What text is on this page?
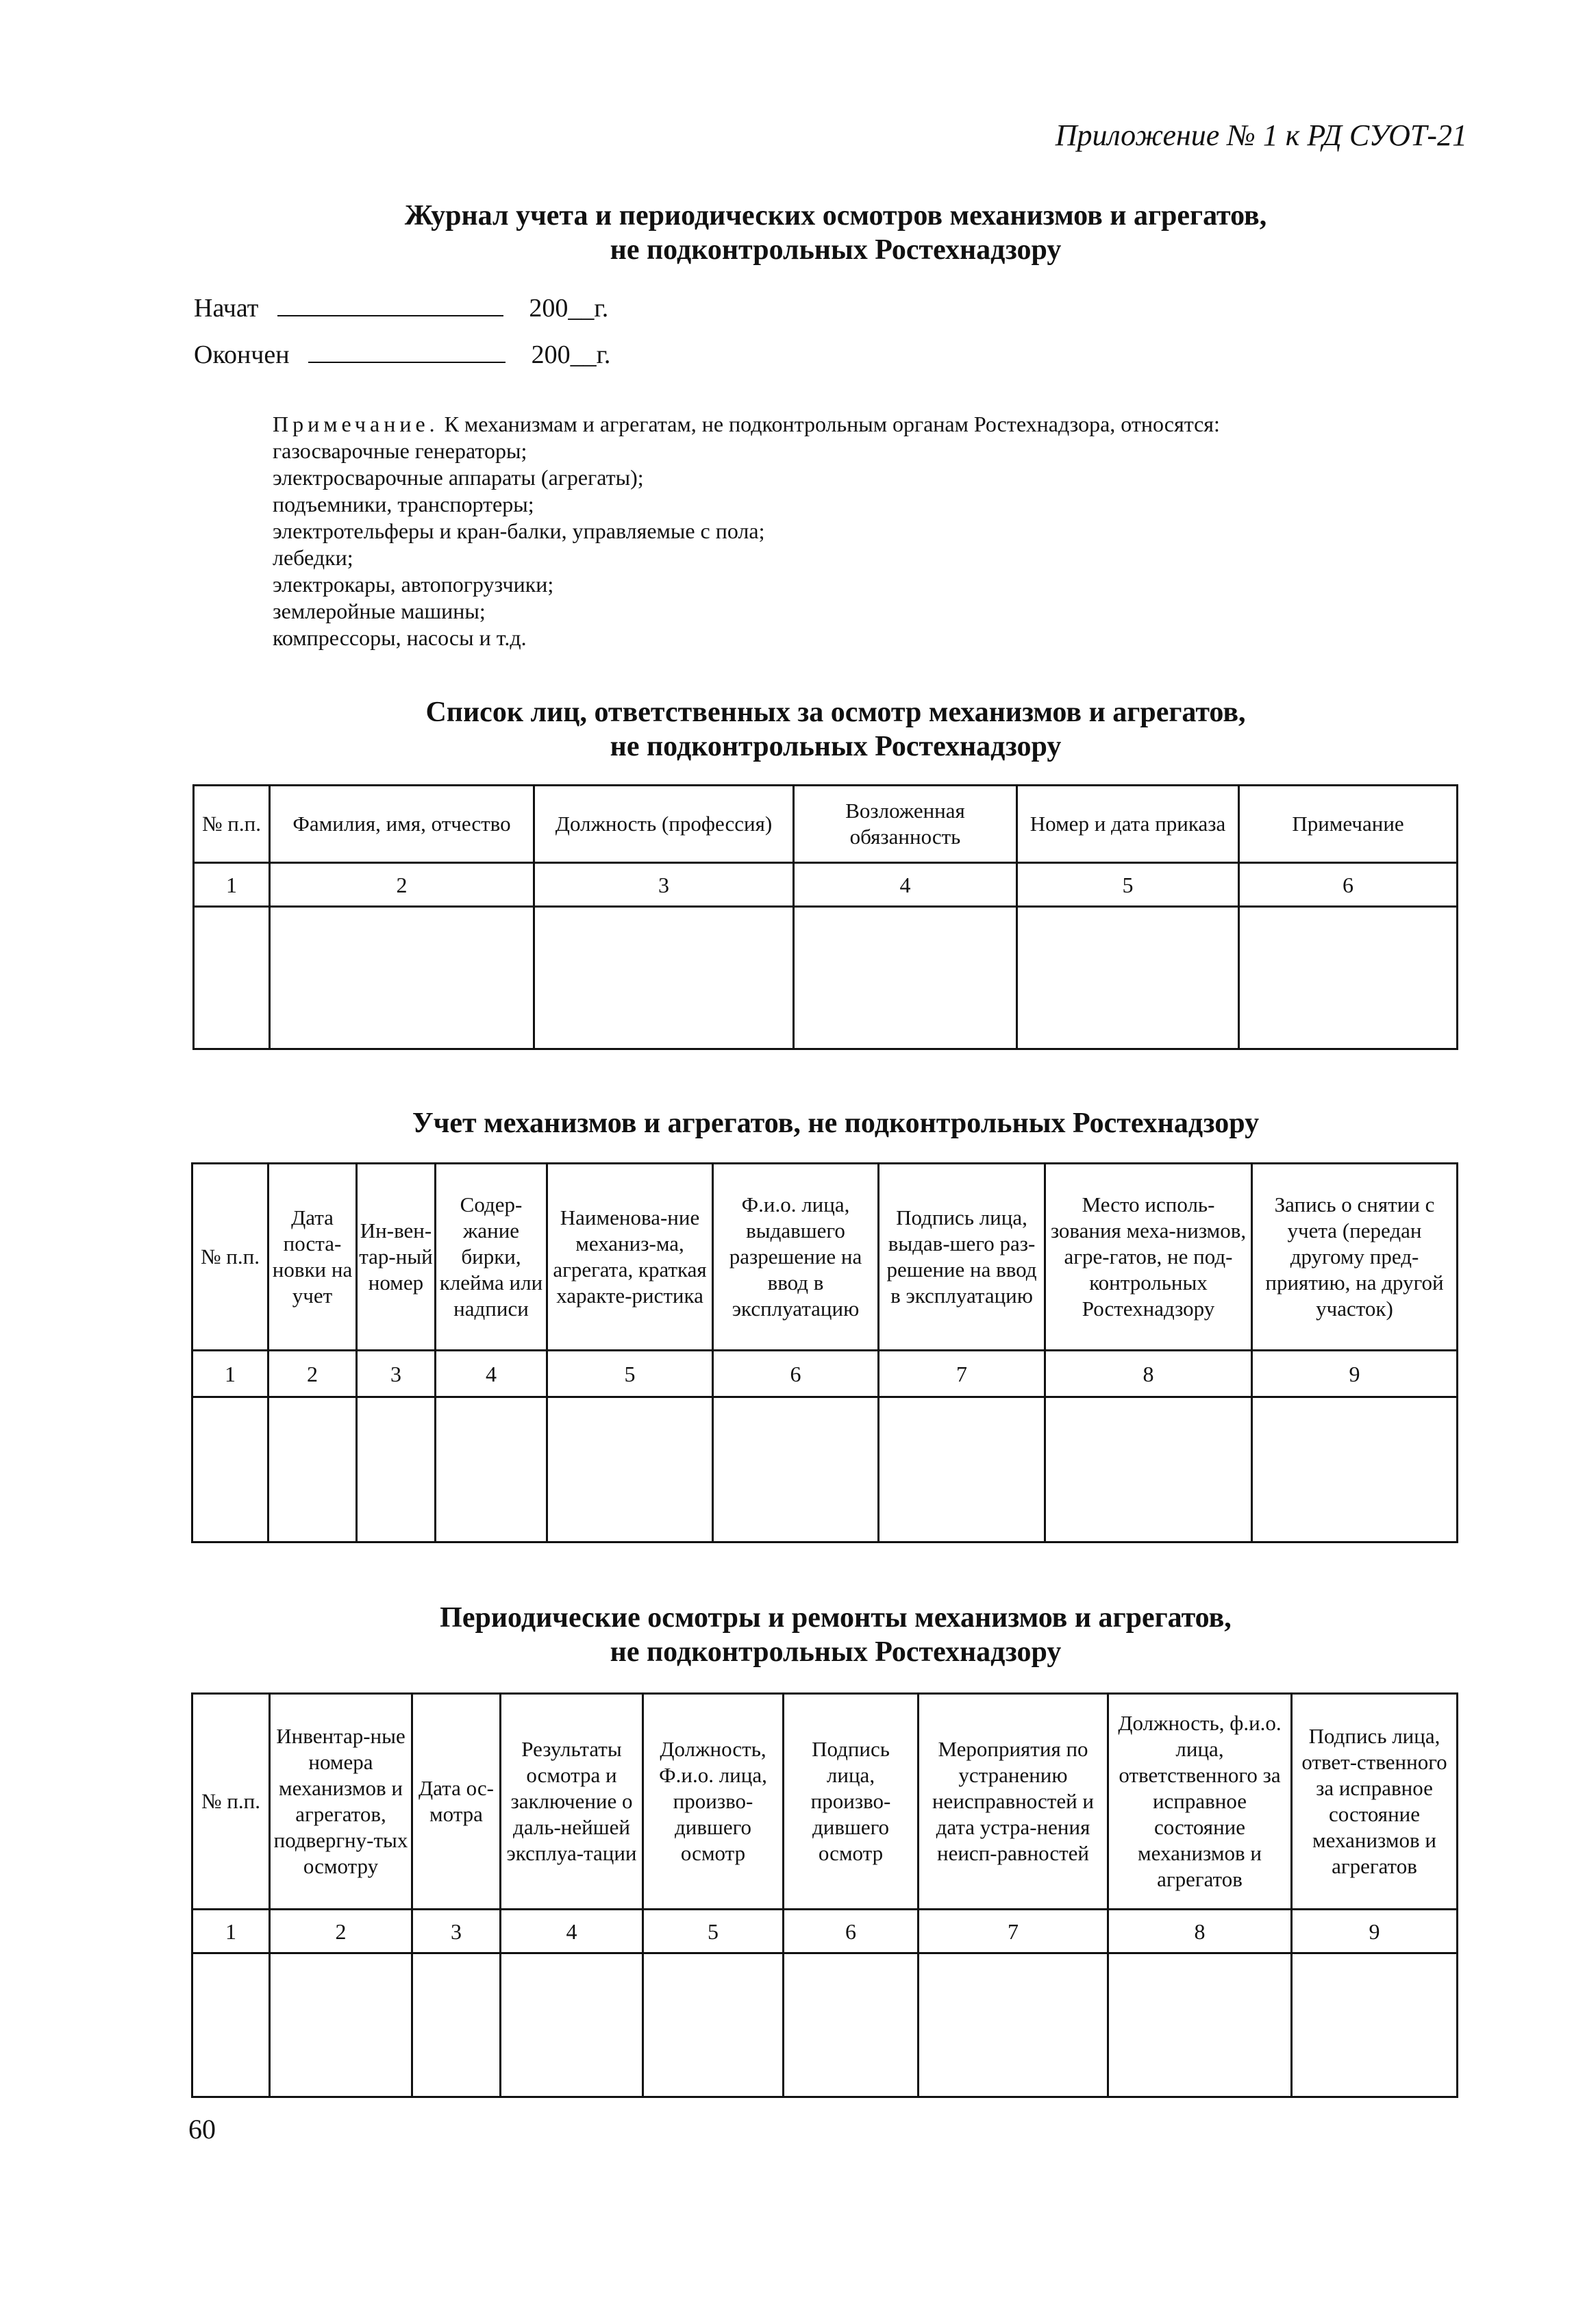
Приложение № 1 к РД СУОТ-21
Журнал учета и периодических осмотров механизмов и агрегатов,
не подконтрольных Ростехнадзору
Начат	200__г.
Окончен	200__г.
Примечание. К механизмам и агрегатам, не подконтрольным органам Ростехнадзора, относятся:
газосварочные генераторы;
электросварочные аппараты (агрегаты);
подъемники, транспортеры;
электротельферы и кран-балки, управляемые с пола;
лебедки;
электрокары, автопогрузчики;
землеройные машины;
компрессоры, насосы и т.д.
Список лиц, ответственных за осмотр механизмов и агрегатов,
не подконтрольных Ростехнадзору
№ п.п.	Фамилия, имя, отчество	Должность (профессия)	Возложенная обязанность	Номер и дата приказа	Примечание
1	2	3	4	5	6

Учет механизмов и агрегатов, не подконтрольных Ростехнадзору
№ п.п.	Дата поста-новки на учет	Ин-вен-тар-ный номер	Содер-жание бирки, клейма или надписи	Наименова-ние механиз-ма, агрегата, краткая характе-ристика	Ф.и.о. лица, выдавшего разрешение на ввод в эксплуатацию	Подпись лица, выдав-шего раз-решение на ввод в эксплуатацию	Место исполь-зования меха-низмов, агре-гатов, не под-контрольных Ростехнадзору	Запись о снятии с учета (передан другому пред-приятию, на другой участок)
1	2	3	4	5	6	7	8	9

Периодические осмотры и ремонты механизмов и агрегатов,
не подконтрольных Ростехнадзору
№ п.п.	Инвентар-ные номера механизмов и агрегатов, подвергну-тых осмотру	Дата ос-мотра	Результаты осмотра и заключение о даль-нейшей эксплуа-тации	Должность, Ф.и.о. лица, произво-дившего осмотр	Подпись лица, произво-дившего осмотр	Мероприятия по устранению неисправностей и дата устра-нения неисп-равностей	Должность, ф.и.о. лица, ответственного за исправное состояние механизмов и агрегатов	Подпись лица, ответ-ственного за исправное состояние механизмов и агрегатов
1	2	3	4	5	6	7	8	9

60
